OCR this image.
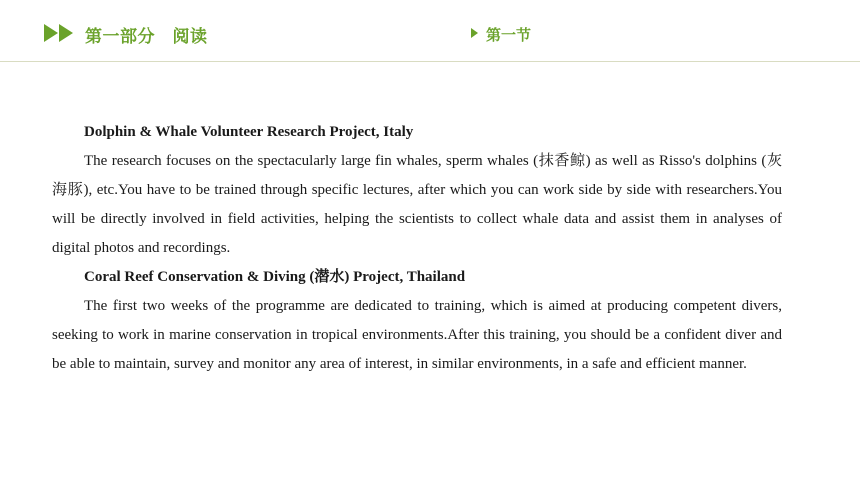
第一部分　阅读	第一节

Dolphin & Whale Volunteer Research Project, Italy

The research focuses on the spectacularly large fin whales, sperm whales (抹香鲸) as well as Risso's dolphins (灰海豚), etc.You have to be trained through specific lectures, after which you can work side by side with researchers.You will be directly involved in field activities, helping the scientists to collect whale data and assist them in analyses of digital photos and recordings.

Coral Reef Conservation & Diving (潜水) Project, Thailand

The first two weeks of the programme are dedicated to training, which is aimed at producing competent divers, seeking to work in marine conservation in tropical environments.After this training, you should be a confident diver and be able to maintain, survey and monitor any area of interest, in similar environments, in a safe and efficient manner.
